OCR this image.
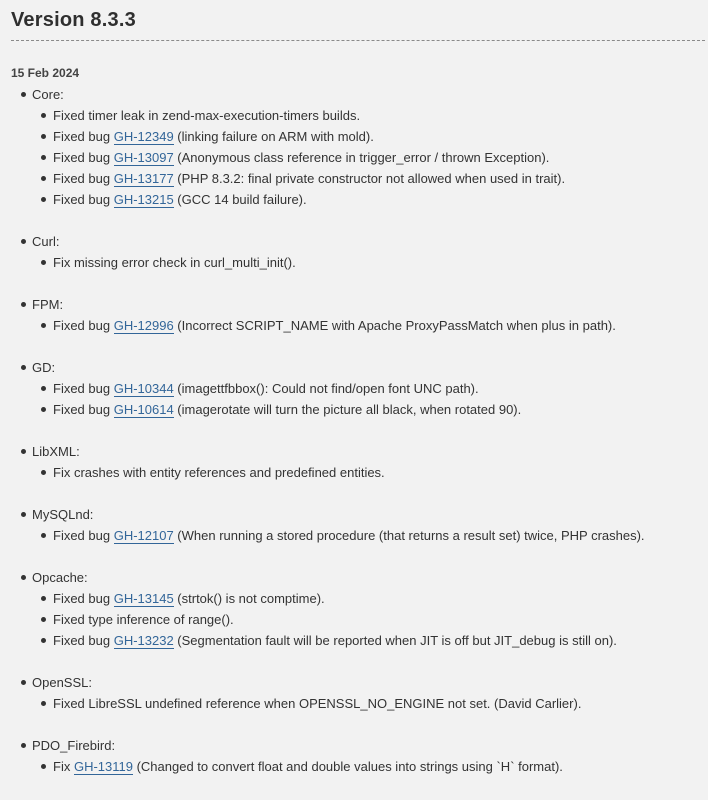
Version 8.3.3
15 Feb 2024
Core:
Fixed timer leak in zend-max-execution-timers builds.
Fixed bug GH-12349 (linking failure on ARM with mold).
Fixed bug GH-13097 (Anonymous class reference in trigger_error / thrown Exception).
Fixed bug GH-13177 (PHP 8.3.2: final private constructor not allowed when used in trait).
Fixed bug GH-13215 (GCC 14 build failure).
Curl:
Fix missing error check in curl_multi_init().
FPM:
Fixed bug GH-12996 (Incorrect SCRIPT_NAME with Apache ProxyPassMatch when plus in path).
GD:
Fixed bug GH-10344 (imagettfbbox(): Could not find/open font UNC path).
Fixed bug GH-10614 (imagerotate will turn the picture all black, when rotated 90).
LibXML:
Fix crashes with entity references and predefined entities.
MySQLnd:
Fixed bug GH-12107 (When running a stored procedure (that returns a result set) twice, PHP crashes).
Opcache:
Fixed bug GH-13145 (strtok() is not comptime).
Fixed type inference of range().
Fixed bug GH-13232 (Segmentation fault will be reported when JIT is off but JIT_debug is still on).
OpenSSL:
Fixed LibreSSL undefined reference when OPENSSL_NO_ENGINE not set. (David Carlier).
PDO_Firebird:
Fix GH-13119 (Changed to convert float and double values into strings using `H` format).
